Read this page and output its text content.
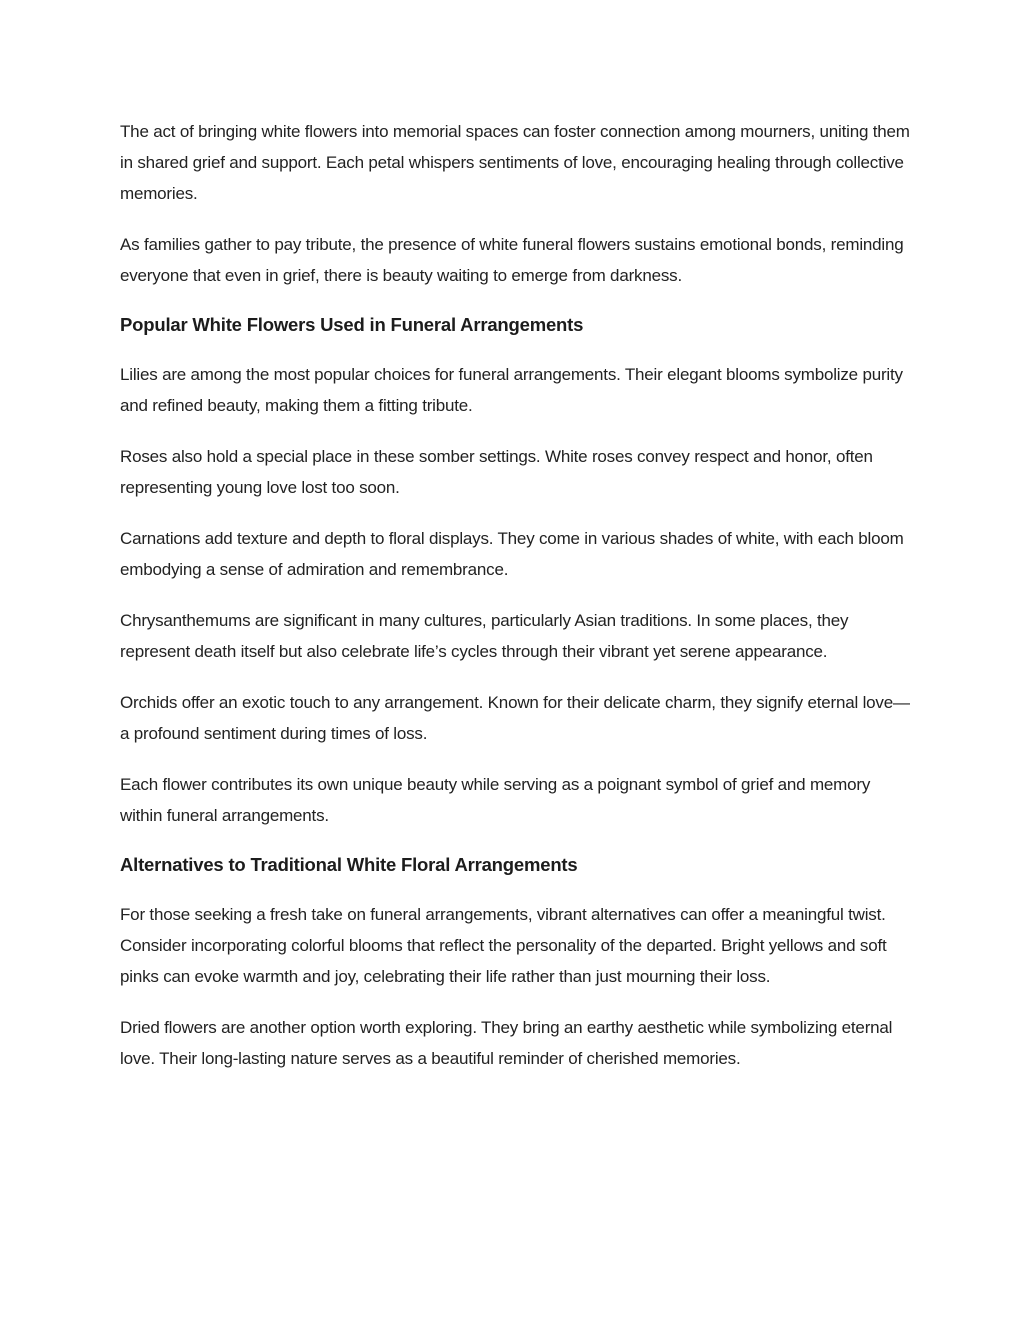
The act of bringing white flowers into memorial spaces can foster connection among mourners, uniting them in shared grief and support. Each petal whispers sentiments of love, encouraging healing through collective memories.

As families gather to pay tribute, the presence of white funeral flowers sustains emotional bonds, reminding everyone that even in grief, there is beauty waiting to emerge from darkness.

Popular White Flowers Used in Funeral Arrangements

Lilies are among the most popular choices for funeral arrangements. Their elegant blooms symbolize purity and refined beauty, making them a fitting tribute.

Roses also hold a special place in these somber settings. White roses convey respect and honor, often representing young love lost too soon.

Carnations add texture and depth to floral displays. They come in various shades of white, with each bloom embodying a sense of admiration and remembrance.

Chrysanthemums are significant in many cultures, particularly Asian traditions. In some places, they represent death itself but also celebrate life’s cycles through their vibrant yet serene appearance.

Orchids offer an exotic touch to any arrangement. Known for their delicate charm, they signify eternal love—a profound sentiment during times of loss.

Each flower contributes its own unique beauty while serving as a poignant symbol of grief and memory within funeral arrangements.

Alternatives to Traditional White Floral Arrangements

For those seeking a fresh take on funeral arrangements, vibrant alternatives can offer a meaningful twist. Consider incorporating colorful blooms that reflect the personality of the departed. Bright yellows and soft pinks can evoke warmth and joy, celebrating their life rather than just mourning their loss.

Dried flowers are another option worth exploring. They bring an earthy aesthetic while symbolizing eternal love. Their long-lasting nature serves as a beautiful reminder of cherished memories.
